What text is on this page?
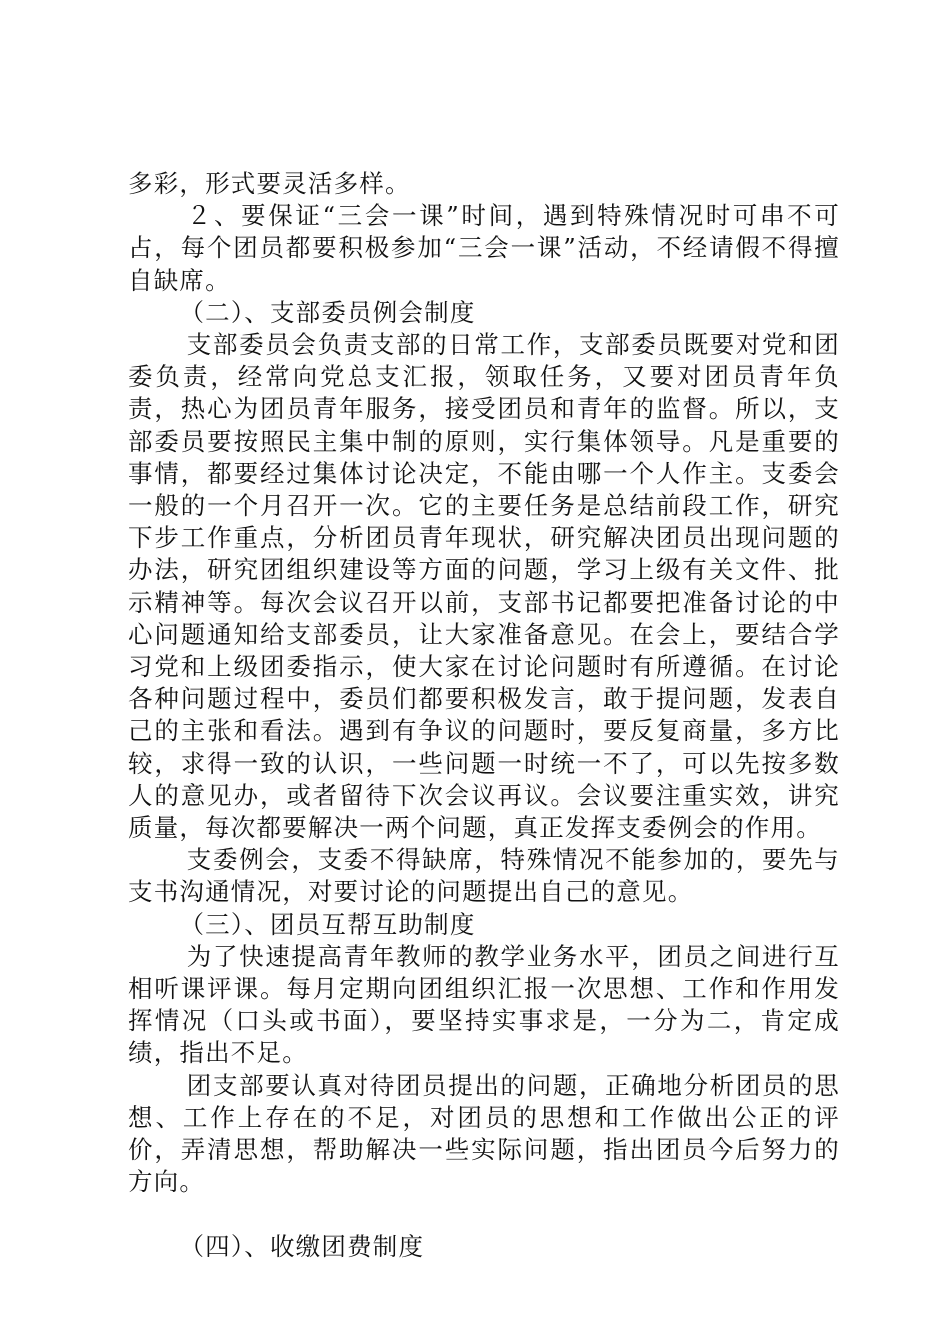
多彩，形式要灵活多样。

２、要保证“三会一课”时间，遇到特殊情况时可串不可占，每个团员都要积极参加“三会一课”活动，不经请假不得擅自缺席。

（二）、支部委员例会制度

支部委员会负责支部的日常工作，支部委员既要对党和团委负责，经常向党总支汇报，领取任务，又要对团员青年负责，热心为团员青年服务，接受团员和青年的监督。所以，支部委员要按照民主集中制的原则，实行集体领导。凡是重要的事情，都要经过集体讨论决定，不能由哪一个人作主。支委会一般的一个月召开一次。它的主要任务是总结前段工作，研究下步工作重点，分析团员青年现状，研究解决团员出现问题的办法，研究团组织建设等方面的问题，学习上级有关文件、批示精神等。每次会议召开以前，支部书记都要把准备讨论的中心问题通知给支部委员，让大家准备意见。在会上，要结合学习党和上级团委指示，使大家在讨论问题时有所遵循。在讨论各种问题过程中，委员们都要积极发言，敢于提问题，发表自己的主张和看法。遇到有争议的问题时，要反复商量，多方比较，求得一致的认识，一些问题一时统一不了，可以先按多数人的意见办，或者留待下次会议再议。会议要注重实效，讲究质量，每次都要解决一两个问题，真正发挥支委例会的作用。

支委例会，支委不得缺席，特殊情况不能参加的，要先与支书沟通情况，对要讨论的问题提出自己的意见。

（三）、团员互帮互助制度

为了快速提高青年教师的教学业务水平，团员之间进行互相听课评课。每月定期向团组织汇报一次思想、工作和作用发挥情况（口头或书面），要坚持实事求是，一分为二，肯定成绩，指出不足。

团支部要认真对待团员提出的问题，正确地分析团员的思想、工作上存在的不足，对团员的思想和工作做出公正的评价，弄清思想，帮助解决一些实际问题，指出团员今后努力的方向。

（四）、收缴团费制度
